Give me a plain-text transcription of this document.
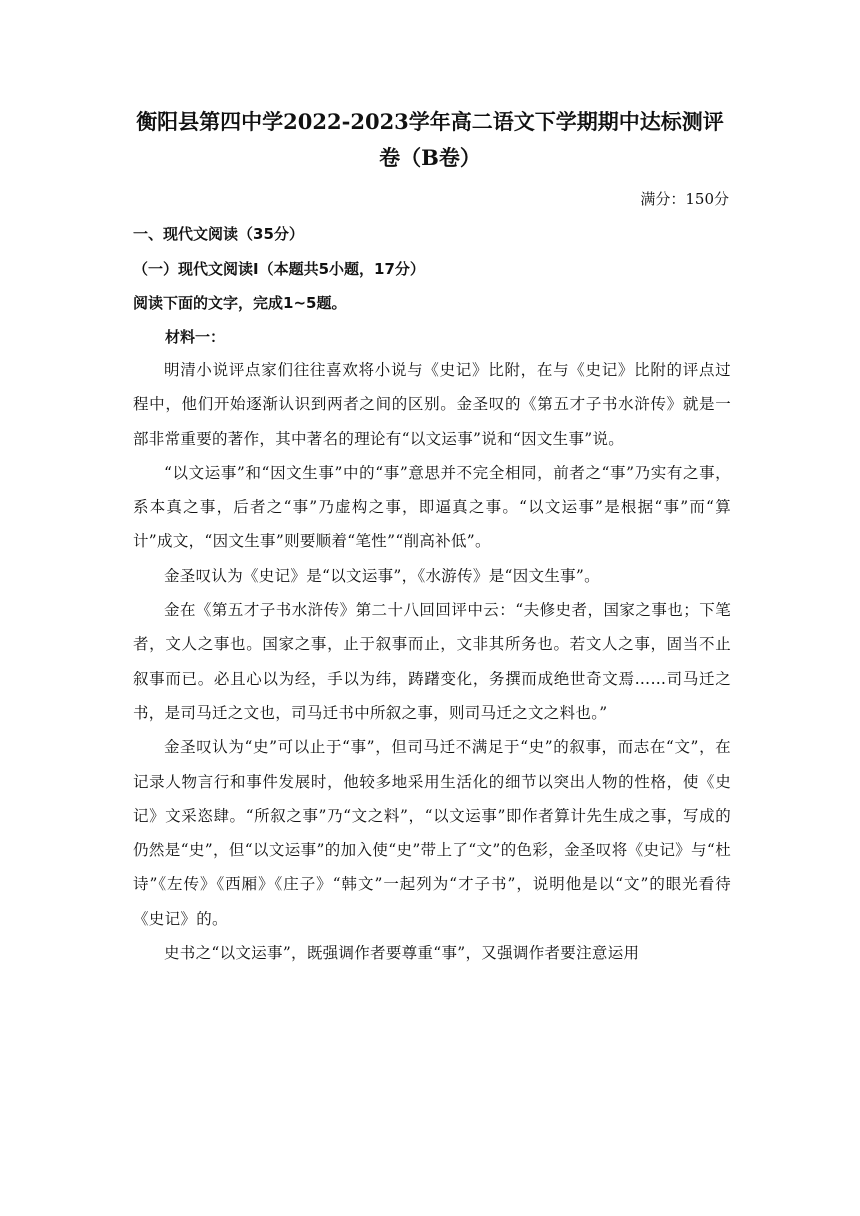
衡阳县第四中学2022-2023学年高二语文下学期期中达标测评
卷（B卷）
满分：150分
一、现代文阅读（35分）
（一）现代文阅读Ⅰ（本题共5小题，17分）
阅读下面的文字，完成1~5题。
材料一：

明清小说评点家们往往喜欢将小说与《史记》比附，在与《史记》比附的评点过程中，他们开始逐渐认识到两者之间的区别。金圣叹的《第五才子书水浒传》就是一部非常重要的著作，其中著名的理论有“以文运事”说和“因文生事”说。

“以文运事”和“因文生事”中的“事”意思并不完全相同，前者之“事”乃实有之事，系本真之事，后者之“事”乃虚构之事，即逼真之事。“以文运事”是根据“事”而“算计”成文，“因文生事”则要顺着“笔性”“削高补低”。

金圣叹认为《史记》是“以文运事”，《水游传》是“因文生事”。

金在《第五才子书水浒传》第二十八回回评中云：“夫修史者，国家之事也；下笔者，文人之事也。国家之事，止于叙事而止，文非其所务也。若文人之事，固当不止叙事而已。必且心以为经，手以为纬，踌躇变化，务撰而成绝世奇文焉……司马迁之书，是司马迁之文也，司马迁书中所叙之事，则司马迁之文之料也。”

金圣叹认为“史”可以止于“事”，但司马迁不满足于“史”的叙事，而志在“文”，在记录人物言行和事件发展时，他较多地采用生活化的细节以突出人物的性格，使《史记》文采恣肆。“所叙之事”乃“文之料”，“以文运事”即作者算计先生成之事，写成的仍然是“史”，但“以文运事”的加入使“史”带上了“文”的色彩，金圣叹将《史记》与“杜诗”《左传》《西厢》《庄子》“韩文”一起列为“才子书”，说明他是以“文”的眼光看待《史记》的。

史书之“以文运事”，既强调作者要尊重“事”，又强调作者要注意运用
